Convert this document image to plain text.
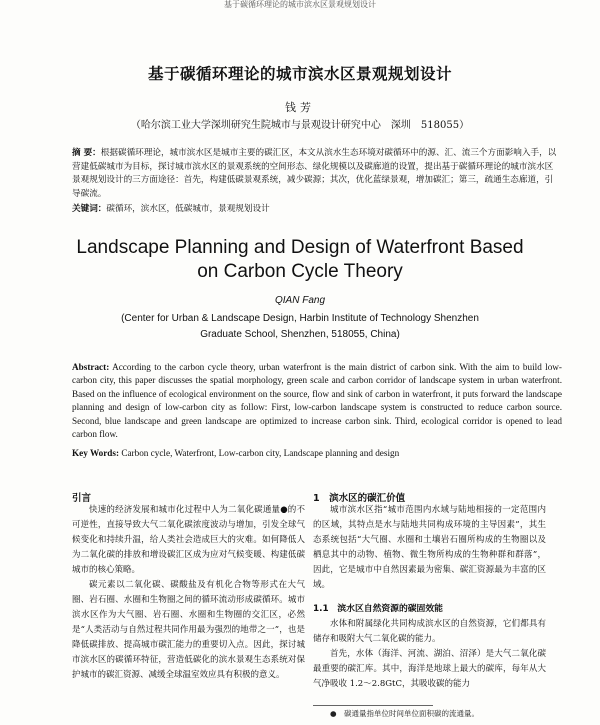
基于碳循环理论的城市滨水区景观规划设计
基于碳循环理论的城市滨水区景观规划设计
钱芳
（哈尔滨工业大学深圳研究生院城市与景观设计研究中心　深圳　518055）
摘 要：根据碳循环理论，城市滨水区是城市主要的碳汇区，本文从滨水生态环境对碳循环中的源、汇、流三个方面影响入手，以营建低碳城市为目标，探讨城市滨水区的景观系统的空间形态、绿化规模以及碳廊道的设置，提出基于碳循环理论的城市滨水区景观规划设计的三方面途径：首先，构建低碳景观系统，减少碳源；其次，优化蓝绿景观，增加碳汇；第三，疏通生态廊道，引导碳流。
关键词：碳循环，滨水区，低碳城市，景观规划设计
Landscape Planning and Design of Waterfront Based
on Carbon Cycle Theory
QIAN Fang
(Center for Urban & Landscape Design, Harbin Institute of Technology Shenzhen
Graduate School, Shenzhen, 518055, China)
Abstract: According to the carbon cycle theory, urban waterfront is the main district of carbon sink. With the aim to build low-carbon city, this paper discusses the spatial morphology, green scale and carbon corridor of landscape system in urban waterfront. Based on the influence of ecological environment on the source, flow and sink of carbon in waterfront, it puts forward the landscape planning and design of low-carbon city as follow: First, low-carbon landscape system is constructed to reduce carbon source. Second, blue landscape and green landscape are optimized to increase carbon sink. Third, ecological corridor is opened to lead carbon flow.
Key Words: Carbon cycle, Waterfront, Low-carbon city, Landscape planning and design
引言

快速的经济发展和城市化过程中人为二氧化碳通量●的不可逆性，直接导致大气二氧化碳浓度波动与增加，引发全球气候变化和持续升温，给人类社会造成巨大的灾难。如何降低人为二氧化碳的排放和增设碳汇区成为应对气候变暖、构建低碳城市的核心策略。

碳元素以二氧化碳、碳酸盐及有机化合物等形式在大气圈、岩石圈、水圈和生物圈之间的循环流动形成碳循环。城市滨水区作为大气圈、岩石圈、水圈和生物圈的交汇区，必然是“人类活动与自然过程共同作用最为强烈的地带之一”，也是降低碳排放、提高城市碳汇能力的重要切入点。因此，探讨城市滨水区的碳循环特征，营造低碳化的滨水景观生态系统对保护城市的碳汇资源、减缓全球温室效应具有积极的意义。

1　滨水区的碳汇价值

城市滨水区指“城市范围内水域与陆地相接的一定范围内的区域，其特点是水与陆地共同构成环境的主导因素”，其生态系统包括“大气圈、水圈和土壤岩石圈所构成的生物圈以及栖息其中的动物、植物、微生物所构成的生物种群和群落”，因此，它是城市中自然因素最为密集、碳汇资源最为丰富的区域。

1.1　滨水区自然资源的碳固效能

水体和附属绿化共同构成滨水区的自然资源，它们都具有储存和吸附大气二氧化碳的能力。

首先，水体（海洋、河流、湖泊、沼泽）是大气二氧化碳最重要的碳汇库。其中，海洋是地球上最大的碳库，每年从大气净吸收 1.2～2.8GtC，其吸收碳的能力

●　碳通量指单位时间单位面积碳的流通量。
